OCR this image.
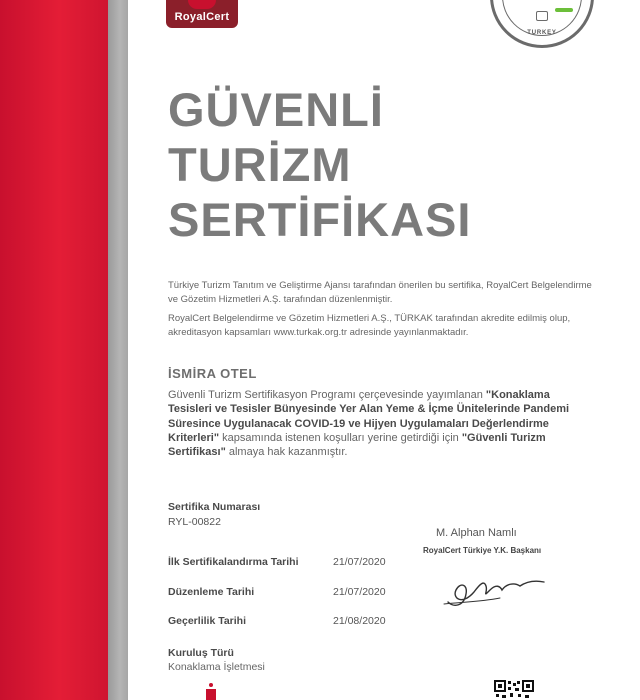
RoyalCert
TURKEY
GÜVENLİ
TURİZM
SERTİFİKASI

Türkiye Turizm Tanıtım ve Geliştirme Ajansı tarafından önerilen bu sertifika, RoyalCert Belgelendirme ve Gözetim Hizmetleri A.Ş. tarafından düzenlenmiştir.

RoyalCert Belgelendirme ve Gözetim Hizmetleri A.Ş., TÜRKAK tarafından akredite edilmiş olup, akreditasyon kapsamları www.turkak.org.tr adresinde yayınlanmaktadır.

İSMİRA OTEL

Güvenli Turizm Sertifikasyon Programı çerçevesinde yayımlanan "Konaklama Tesisleri ve Tesisler Bünyesinde Yer Alan Yeme & İçme Ünitelerinde Pandemi Süresince Uygulanacak COVID-19 ve Hijyen Uygulamaları Değerlendirme Kriterleri" kapsamında istenen koşulları yerine getirdiği için "Güvenli Turizm Sertifikası" almaya hak kazanmıştır.

Sertifika Numarası
RYL-00822
İlk Sertifikalandırma Tarihi	21/07/2020
Düzenleme Tarihi	21/07/2020
Geçerlilik Tarihi	21/08/2020
Kuruluş Türü
Konaklama İşletmesi
M. Alphan Namlı
RoyalCert Türkiye Y.K. Başkanı
